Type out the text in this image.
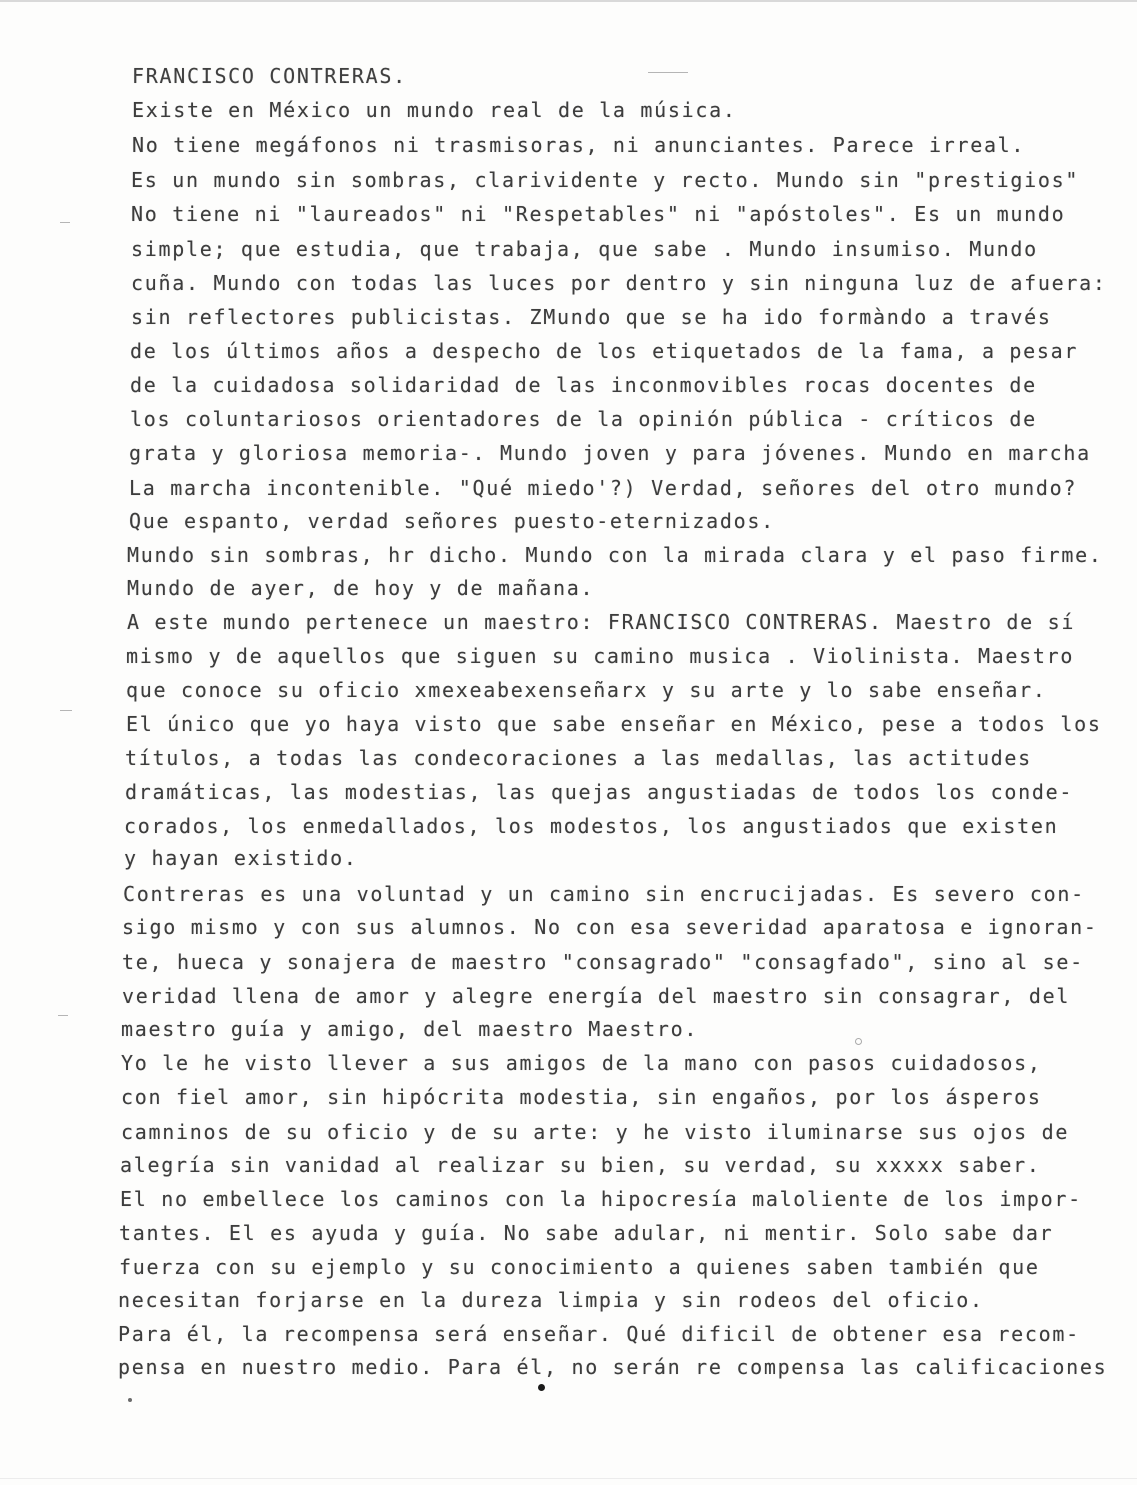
FRANCISCO CONTRERAS.
Existe en México un mundo real de la música.
No tiene megáfonos ni trasmisoras, ni anunciantes. Parece irreal.
Es un mundo sin sombras, clarividente y recto. Mundo sin "prestigios"
No tiene ni "laureados" ni "Respetables" ni "apóstoles". Es un mundo
simple; que estudia, que trabaja, que sabe . Mundo insumiso. Mundo
cuña. Mundo con todas las luces por dentro y sin ninguna luz de afuera:
sin reflectores publicistas. ZMundo que se ha ido formàndo a través
de los últimos años a despecho de los etiquetados de la fama, a pesar
de la cuidadosa solidaridad de las inconmovibles rocas docentes de
los coluntariosos orientadores de la opinión pública - críticos de
grata y gloriosa memoria-. Mundo joven y para jóvenes. Mundo en marcha
La marcha incontenible. "Qué miedo'?) Verdad, señores del otro mundo?
Que espanto, verdad señores puesto-eternizados.
Mundo sin sombras, hr dicho. Mundo con la mirada clara y el paso firme.
Mundo de ayer, de hoy y de mañana.
A este mundo pertenece un maestro: FRANCISCO CONTRERAS. Maestro de sí
mismo y de aquellos que siguen su camino musica . Violinista. Maestro
que conoce su oficio xmexeabexenseñarx y su arte y lo sabe enseñar.
El único que yo haya visto que sabe enseñar en México, pese a todos los
títulos, a todas las condecoraciones a las medallas, las actitudes
dramáticas, las modestias, las quejas angustiadas de todos los conde-
corados, los enmedallados, los modestos, los angustiados que existen
y hayan existido.
Contreras es una voluntad y un camino sin encrucijadas. Es severo con-
sigo mismo y con sus alumnos. No con esa severidad aparatosa e ignoran-
te, hueca y sonajera de maestro "consagrado" "consagfado", sino al se-
veridad llena de amor y alegre energía del maestro sin consagrar, del
maestro guía y amigo, del maestro Maestro.
Yo le he visto llever a sus amigos de la mano con pasos cuidadosos,
con fiel amor, sin hipócrita modestia, sin engaños, por los ásperos
camninos de su oficio y de su arte: y he visto iluminarse sus ojos de
alegría sin vanidad al realizar su bien, su verdad, su xxxxx saber.
El no embellece los caminos con la hipocresía maloliente de los impor-
tantes. El es ayuda y guía. No sabe adular, ni mentir. Solo sabe dar
fuerza con su ejemplo y su conocimiento a quienes saben también que
necesitan forjarse en la dureza limpia y sin rodeos del oficio.
Para él, la recompensa será enseñar. Qué dificil de obtener esa recom-
pensa en nuestro medio. Para él, no serán re compensa las calificaciones
